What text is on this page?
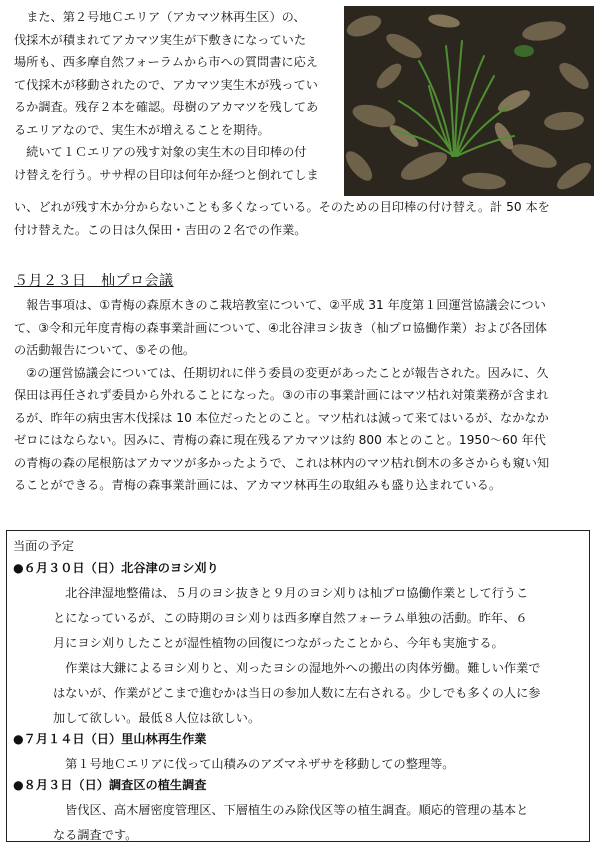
　また、第２号地Ｃエリア（アカマツ林再生区）の、

伐採木が積まれてアカマツ実生が下敷きになっていた

場所も、西多摩自然フォーラムから市への質問書に応え

て伐採木が移動されたので、アカマツ実生木が残ってい

るか調査。残存２本を確認。母樹のアカマツを残してあ

るエリアなので、実生木が増えることを期待。

　続いて１Ｃエリアの残す対象の実生木の目印棒の付

け替えを行う。ササ桿の目印は何年か経つと倒れてしま

い、どれが残す木か分からないことも多くなっている。そのための目印棒の付け替え。計 50 本を

付け替えた。この日は久保田・吉田の２名での作業。

５月２３日　杣プロ会議

　報告事項は、①青梅の森原木きのこ栽培教室について、②平成 31 年度第１回運営協議会につい

て、③令和元年度青梅の森事業計画について、④北谷津ヨシ抜き（杣プロ協働作業）および各団体

の活動報告について、⑤その他。

　②の運営協議会については、任期切れに伴う委員の変更があったことが報告された。因みに、久

保田は再任されず委員から外れることになった。③の市の事業計画にはマツ枯れ対策業務が含まれ

るが、昨年の病虫害木伐採は 10 本位だったとのこと。マツ枯れは減って来てはいるが、なかなか

ゼロにはならない。因みに、青梅の森に現在残るアカマツは約 800 本とのこと。1950〜60 年代

の青梅の森の尾根筋はアカマツが多かったようで、これは林内のマツ枯れ倒木の多さからも窺い知

ることができる。青梅の森事業計画には、アカマツ林再生の取組みも盛り込まれている。

当面の予定
●６月３０日（日）北谷津のヨシ刈り
　北谷津湿地整備は、５月のヨシ抜きと９月のヨシ刈りは杣プロ協働作業として行うこ
とになっているが、この時期のヨシ刈りは西多摩自然フォーラム単独の活動。昨年、６
月にヨシ刈りしたことが湿性植物の回復につながったことから、今年も実施する。
　作業は大鎌によるヨシ刈りと、刈ったヨシの湿地外への搬出の肉体労働。難しい作業で
はないが、作業がどこまで進むかは当日の参加人数に左右される。少しでも多くの人に参
加して欲しい。最低８人位は欲しい。
●７月１４日（日）里山林再生作業
　第１号地Ｃエリアに伐って山積みのアズマネザサを移動しての整理等。
●８月３日（日）調査区の植生調査
　皆伐区、高木層密度管理区、下層植生のみ除伐区等の植生調査。順応的管理の基本と
なる調査です。
